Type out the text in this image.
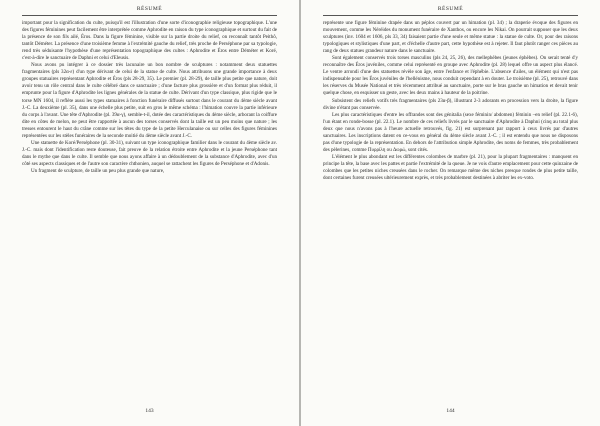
RÉSUMÉ

important pour la signification du culte, puisqu'il est l'illustration d'une sorte d'iconographie religieuse topographique. L'une des figures féminines peut facilement être interprétée comme Aphrodite en raison du type iconographique et surtout du fait de la présence de son fils ailé, Éros. Dans la figure féminine, visible sur la partie droite du relief, on reconnaît tantôt Peithô, tantôt Déméter. La présence d'une troisième femme à l'extrémité gauche du relief, très proche de Perséphone par sa typologie, rend très séduisante l'hypothèse d'une représentation topographique des cultes : Aphrodite et Éros entre Déméter et Koré, c'est-à-dire le sanctuaire de Daphni et celui d'Eleusis.

Nous avons pu intégrer à ce dossier très lacunaire un bon nombre de sculptures : notamment deux statuettes fragmentaires (pls 32α-ε) d'un type dérivant de celui de la statue de culte. Nous attribuons une grande importance à deux groupes statuaires représentant Aphrodite et Éros (pls 28-29, 35). Le premier (pl. 28-29), de taille plus petite que nature, doit avoir tenu un rôle central dans le culte célébré dans ce sanctuaire ; d'une facture plus grossière et d'un format plus réduit, il emprunte pour la figure d'Aphrodite les lignes générales de la statue de culte. Dérivant d'un type classique, plus rigide que le torse MN 1604, il reflète aussi les types statuaires à fonction funéraire diffusés surtout dans le courant du 4ème siècle avant J.-C. La deuxième (pl. 35), dans une échelle plus petite, suit en gros le même schéma : l'himation couvre la partie inférieure du corps à l'avant. Une tête d'Aphrodite (pl. 39α-γ), semble-t-il, dotée des caractéristiques du 4ème siècle, arborant la coiffure dite en côtes de melon, ne peut être rapportée à aucun des torses conservés dont la taille est un peu moins que nature ; les tresses entourent le haut du crâne comme sur les têtes du type de la petite Herculanaise ou sur celles des figures féminines représentées sur les stèles funéraires de la seconde moitié du 4ème siècle avant J.-C.

Une statuette de Koré/Perséphone (pl. 30-31), suivant un type iconographique familier dans le courant du 4ème siècle av. J.-C. mais dont l'identification reste douteuse, fait preuve de la relation étroite entre Aphrodite et la jeune Perséphone tant dans le mythe que dans le culte. Il semble que nous ayons affaire à un dédoublement de la substance d'Aphrodite, avec d'un côté ses aspects classiques et de l'autre son caractère chthonien, auquel se rattachent les figures de Perséphone et d'Adonis.

Un fragment de sculpture, de taille un peu plus grande que nature,

143
RÉSUMÉ

représente une figure féminine drapée dans un péplos couvert par un himation (pl. 34) ; la draperie évoque des figures en mouvement, comme les Néréides du monument funéraire de Xanthos, ou encore les Nikai. On pourrait supposer que les deux sculptures (inv. 1604 et 1606, pls 33, 34) faisaient partie d'une seule et même statue : la statue de culte. Or, pour des raisons typologiques et stylistiques d'une part, et d'échelle d'autre part, cette hypothèse est à rejeter. Il faut plutôt ranger ces pièces au rang de deux statues grandeur nature dans le sanctuaire.

Sont également conservés trois torses masculins (pls 24, 25, 26), des mellephèbes (jeunes éphèbes). On serait tenté d'y reconnaître des Éros juvéniles, comme celui représenté en groupe avec Aphrodite (pl. 28) lequel offre un aspect plus élancé. Le ventre arrondi d'une des statuettes révèle son âge, entre l'enfance et l'éphébie. L'absence d'ailes, un élément qui n'est pas indispensable pour les Éros juvéniles de l'hellénisme, nous conduit cependant à en douter. Le troisième (pl. 25), retrouvé dans les réserves du Musée National et très récemment attribué au sanctuaire, porte sur le bras gauche un himation et devait tenir quelque chose, en esquisser un geste, avec les deux mains à hauteur de la poitrine.

Subsistent des reliefs votifs très fragmentaires (pls 23α-β), illustrant 2-3 adorants en procession vers la droite, la figure divine n'étant pas conservée.

Les plus caractéristiques d'entre les offrandes sont des génitalia (sexe féminin/ abdomen) féminin –en relief (pl. 22.1-6), l'un étant en ronde-bosse (pl. 22.1). Le nombre de ces reliefs livrés par le sanctuaire d'Aphrodite à Daphni (cinq au total plus deux que nous n'avons pas à l'heure actuelle retrouvés, fig. 21) est surprenant par rapport à ceux livrés par d'autres sanctuaires. Les inscriptions datent en ce-vous en général du 4ème siècle avant J.-C. ; il est entendu que nous ne disposons pas d'une typologie de la représentation. En dehors de l'attribution simple Aphrodite, des noms de femmes, très probablement des pèlerines, comme Πυρρίλη ou Δωρώ, sont cités.

L'élément le plus abondant est les différentes colombes de marbre (pl. 21), pour la plupart fragmentaires : manquent en principe la tête, la base avec les pattes et partie l'extrémité de la queue. Je ne vois d'autre emplacement pour cette quinzaine de colombes que les petites niches creusées dans le rocher. On remarque même des niches presque rondes de plus petite taille, dont certaines furent creusées ultérieurement exprès, et très probablement destinées à abriter les ex-voto.

144
